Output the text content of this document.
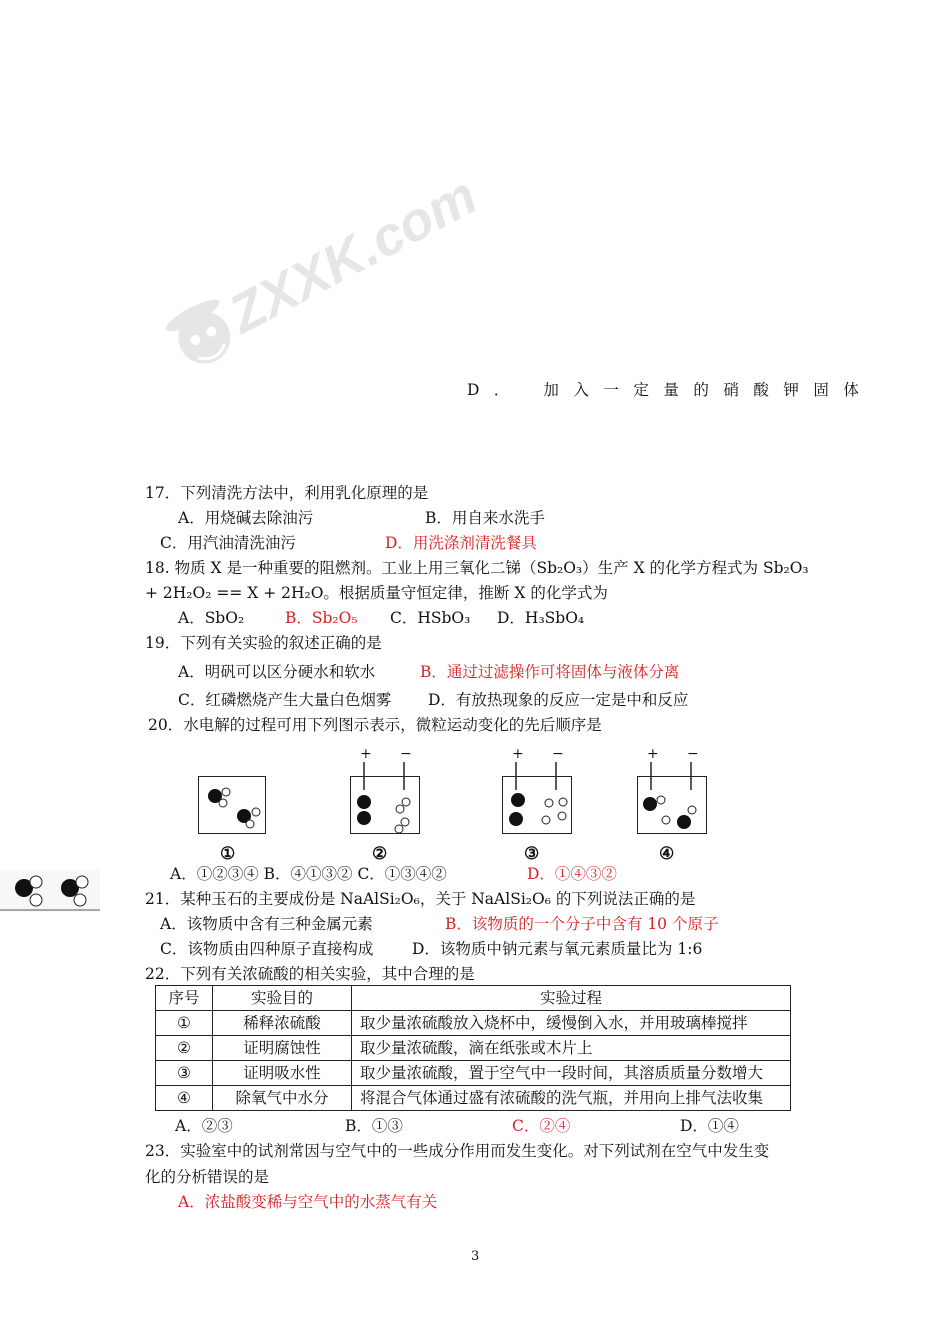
ZXXK.com
D． 加入一定量的硝酸钾固体
17．下列清洗方法中，利用乳化原理的是
A．用烧碱去除油污	B．用自来水洗手
C．用汽油清洗油污	D．用洗涤剂清洗餐具
18. 物质 X 是一种重要的阻燃剂。工业上用三氧化二锑（Sb₂O₃）生产 X 的化学方程式为 Sb₂O₃
+ 2H₂O₂ == X + 2H₂O。根据质量守恒定律，推断 X 的化学式为
A．SbO₂	B．Sb₂O₅ C．HSbO₃ D．H₃SbO₄
19．下列有关实验的叙述正确的是
A．明矾可以区分硬水和软水	B．通过过滤操作可将固体与液体分离
C．红磷燃烧产生大量白色烟雾 D．有放热现象的反应一定是中和反应
20．水电解的过程可用下列图示表示，微粒运动变化的先后顺序是
①
+ −
②
+ −
③
+ −
④
A．①②③④ B．④①③② C．①③④②	D．①④③②
21．某种玉石的主要成份是 NaAlSi₂O₆，关于 NaAlSi₂O₆ 的下列说法正确的是
A．该物质中含有三种金属元素	B．该物质的一个分子中含有 10 个原子
C．该物质由四种原子直接构成 D．该物质中钠元素与氧元素质量比为 1:6
22．下列有关浓硫酸的相关实验，其中合理的是
序号	实验目的	实验过程
①	稀释浓硫酸	取少量浓硫酸放入烧杯中，缓慢倒入水，并用玻璃棒搅拌
②	证明腐蚀性	取少量浓硫酸，滴在纸张或木片上
③	证明吸水性	取少量浓硫酸，置于空气中一段时间，其溶质质量分数增大
④	除氧气中水分	将混合气体通过盛有浓硫酸的洗气瓶，并用向上排气法收集
A．②③	B．①③	C．②④	D．①④
23．实验室中的试剂常因与空气中的一些成分作用而发生变化。对下列试剂在空气中发生变
化的分析错误的是
A．浓盐酸变稀与空气中的水蒸气有关
3
